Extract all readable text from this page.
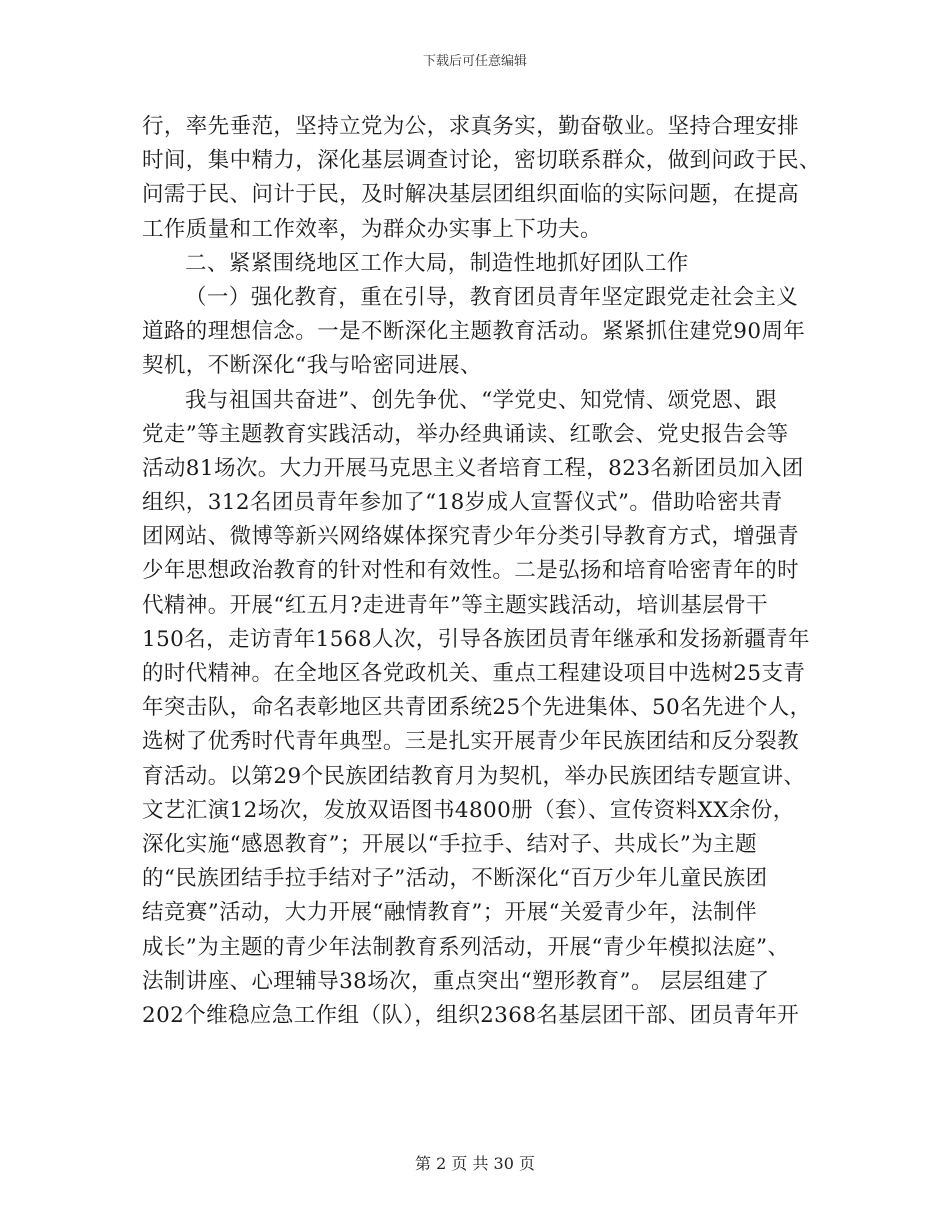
下载后可任意编辑
行，率先垂范，坚持立党为公，求真务实，勤奋敬业。坚持合理安排
时间，集中精力，深化基层调查讨论，密切联系群众，做到问政于民、
问需于民、问计于民，及时解决基层团组织面临的实际问题，在提高
工作质量和工作效率，为群众办实事上下功夫。
二、紧紧围绕地区工作大局，制造性地抓好团队工作
（一）强化教育，重在引导，教育团员青年坚定跟党走社会主义
道路的理想信念。一是不断深化主题教育活动。紧紧抓住建党90周年
契机，不断深化“我与哈密同进展、
我与祖国共奋进”、创先争优、“学党史、知党情、颂党恩、跟
党走”等主题教育实践活动，举办经典诵读、红歌会、党史报告会等
活动81场次。大力开展马克思主义者培育工程，823名新团员加入团
组织，312名团员青年参加了“18岁成人宣誓仪式”。借助哈密共青
团网站、微博等新兴网络媒体探究青少年分类引导教育方式，增强青
少年思想政治教育的针对性和有效性。二是弘扬和培育哈密青年的时
代精神。开展“红五月?走进青年”等主题实践活动，培训基层骨干
150名，走访青年1568人次，引导各族团员青年继承和发扬新疆青年
的时代精神。在全地区各党政机关、重点工程建设项目中选树25支青
年突击队，命名表彰地区共青团系统25个先进集体、50名先进个人，
选树了优秀时代青年典型。三是扎实开展青少年民族团结和反分裂教
育活动。以第29个民族团结教育月为契机，举办民族团结专题宣讲、
文艺汇演12场次，发放双语图书4800册（套）、宣传资料XX余份，
深化实施“感恩教育”；开展以“手拉手、结对子、共成长”为主题
的“民族团结手拉手结对子”活动，不断深化“百万少年儿童民族团
结竞赛”活动，大力开展“融情教育”；开展“关爱青少年，法制伴
成长”为主题的青少年法制教育系列活动，开展“青少年模拟法庭”、
法制讲座、心理辅导38场次，重点突出“塑形教育”。 层层组建了
202个维稳应急工作组（队），组织2368名基层团干部、团员青年开
第 2 页 共 30 页
